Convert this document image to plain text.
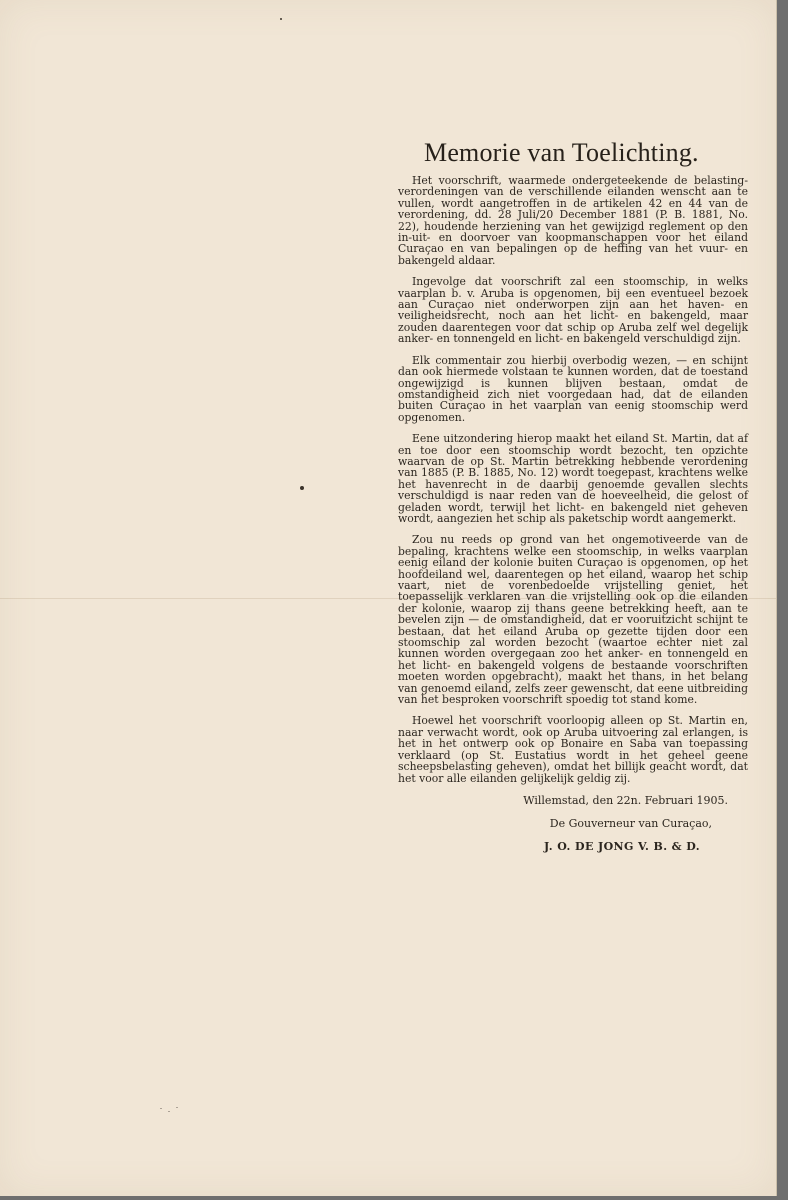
Memorie van Toelichting.

Het voorschrift, waarmede ondergeteekende de belasting-verordeningen van de verschillende eilanden wenscht aan te vullen, wordt aangetroffen in de artikelen 42 en 44 van de verordening, dd. 28 Juli/20 December 1881 (P. B. 1881, No. 22), houdende herziening van het gewijzigd reglement op den in-uit- en doorvoer van koopmanschappen voor het eiland Curaçao en van bepalingen op de heffing van het vuur- en bakengeld aldaar.

Ingevolge dat voorschrift zal een stoomschip, in welks vaarplan b. v. Aruba is opgenomen, bij een eventueel bezoek aan Curaçao niet onderworpen zijn aan het haven- en veiligheidsrecht, noch aan het licht- en bakengeld, maar zouden daarentegen voor dat schip op Aruba zelf wel degelijk anker- en tonnengeld en licht- en bakengeld verschuldigd zijn.

Elk commentair zou hierbij overbodig wezen, — en schijnt dan ook hiermede volstaan te kunnen worden, dat de toestand ongewijzigd is kunnen blijven bestaan, omdat de omstandigheid zich niet voorgedaan had, dat de eilanden buiten Curaçao in het vaarplan van eenig stoomschip werd opgenomen.

Eene uitzondering hierop maakt het eiland St. Martin, dat af en toe door een stoomschip wordt bezocht, ten opzichte waarvan de op St. Martin betrekking hebbende verordening van 1885 (P. B. 1885, No. 12) wordt toegepast, krachtens welke het havenrecht in de daarbij genoemde gevallen slechts verschuldigd is naar reden van de hoeveelheid, die gelost of geladen wordt, terwijl het licht- en bakengeld niet geheven wordt, aangezien het schip als paketschip wordt aangemerkt.

Zou nu reeds op grond van het ongemotiveerde van de bepaling, krachtens welke een stoomschip, in welks vaarplan eenig eiland der kolonie buiten Curaçao is opgenomen, op het hoofdeiland wel, daarentegen op het eiland, waarop het schip vaart, niet de vorenbedoelde vrijstelling geniet, het toepasselijk verklaren van die vrijstelling ook op die eilanden der kolonie, waarop zij thans geene betrekking heeft, aan te bevelen zijn — de omstandigheid, dat er vooruitzicht schijnt te bestaan, dat het eiland Aruba op gezette tijden door een stoomschip zal worden bezocht (waartoe echter niet zal kunnen worden overgegaan zoo het anker- en tonnengeld en het licht- en bakengeld volgens de bestaande voorschriften moeten worden opgebracht), maakt het thans, in het belang van genoemd eiland, zelfs zeer gewenscht, dat eene uitbreiding van het besproken voorschrift spoedig tot stand kome.

Hoewel het voorschrift voorloopig alleen op St. Martin en, naar verwacht wordt, ook op Aruba uitvoering zal erlangen, is het in het ontwerp ook op Bonaire en Saba van toepassing verklaard (op St. Eustatius wordt in het geheel geene scheepsbelasting geheven), omdat het billijk geacht wordt, dat het voor alle eilanden gelijkelijk geldig zij.

Willemstad, den 22n. Februari 1905.

De Gouverneur van Curaçao,

J. O. DE JONG V. B. & D.
